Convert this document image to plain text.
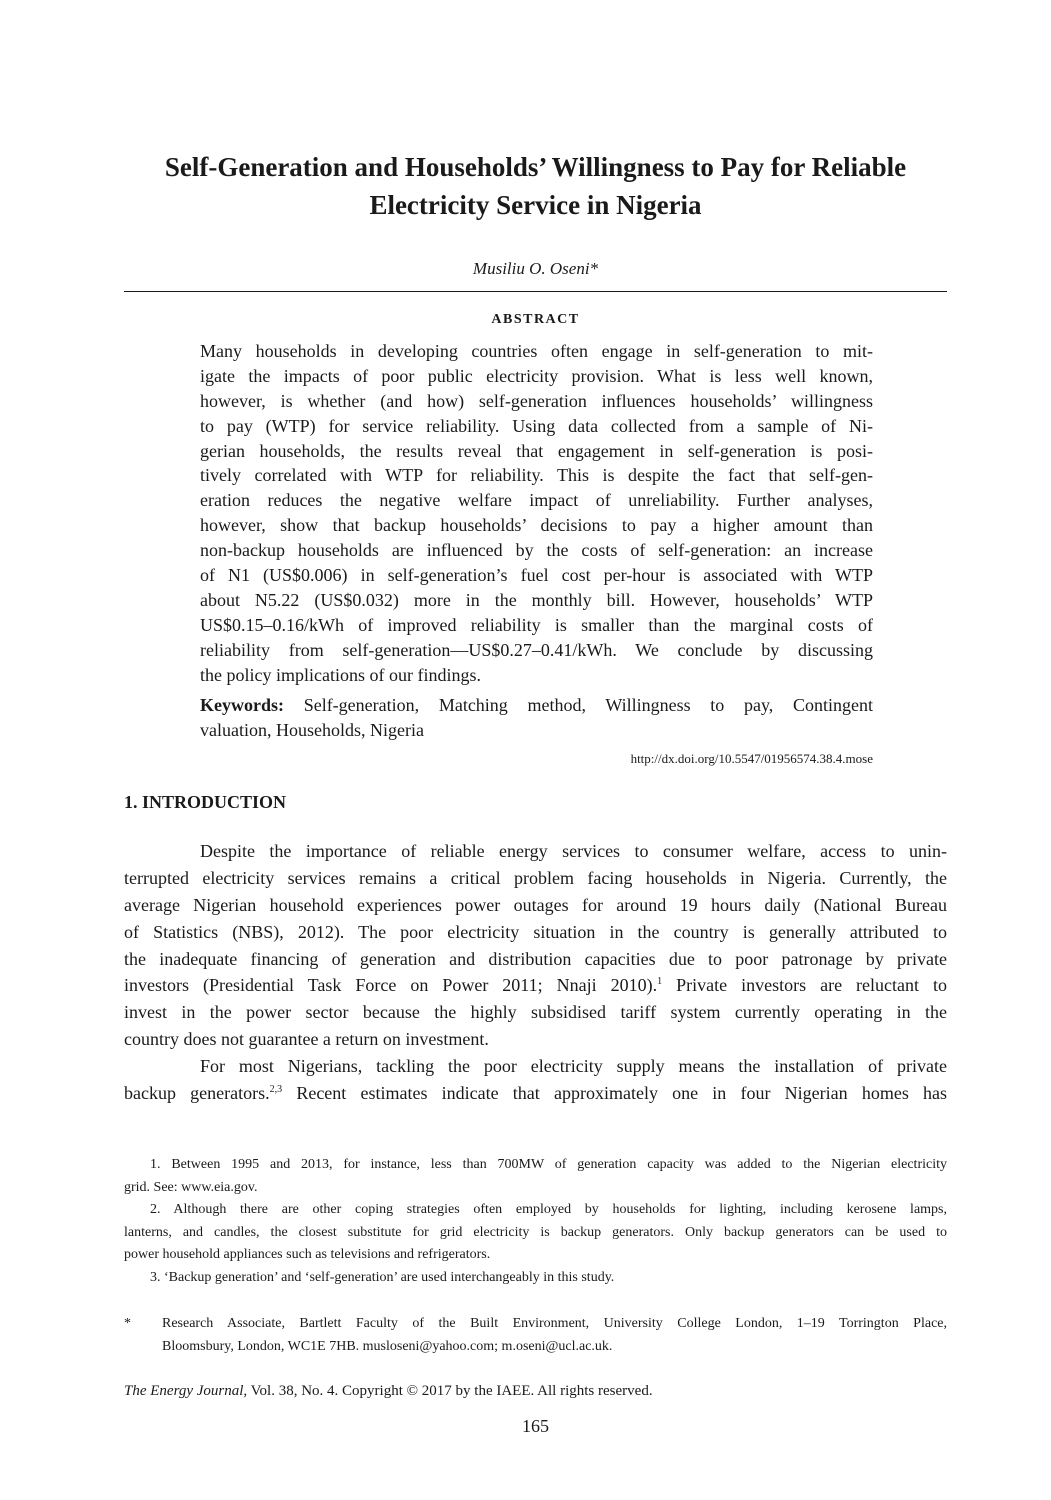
Self-Generation and Households’ Willingness to Pay for Reliable
Electricity Service in Nigeria

Musiliu O. Oseni*

ABSTRACT

Many households in developing countries often engage in self-generation to mit-
igate the impacts of poor public electricity provision. What is less well known,
however, is whether (and how) self-generation influences households’ willingness
to pay (WTP) for service reliability. Using data collected from a sample of Ni-
gerian households, the results reveal that engagement in self-generation is posi-
tively correlated with WTP for reliability. This is despite the fact that self-gen-
eration reduces the negative welfare impact of unreliability. Further analyses,
however, show that backup households’ decisions to pay a higher amount than
non-backup households are influenced by the costs of self-generation: an increase
of N1 (US$0.006) in self-generation’s fuel cost per-hour is associated with WTP
about N5.22 (US$0.032) more in the monthly bill. However, households’ WTP
US$0.15–0.16/kWh of improved reliability is smaller than the marginal costs of
reliability from self-generation—US$0.27–0.41/kWh. We conclude by discussing
the policy implications of our findings.
Keywords: Self-generation, Matching method, Willingness to pay, Contingent
valuation, Households, Nigeria

http://dx.doi.org/10.5547/01956574.38.4.mose

1. INTRODUCTION
Despite the importance of reliable energy services to consumer welfare, access to unin-
terrupted electricity services remains a critical problem facing households in Nigeria. Currently, the
average Nigerian household experiences power outages for around 19 hours daily (National Bureau
of Statistics (NBS), 2012). The poor electricity situation in the country is generally attributed to
the inadequate financing of generation and distribution capacities due to poor patronage by private
investors (Presidential Task Force on Power 2011; Nnaji 2010).$^1$ Private investors are reluctant to
invest in the power sector because the highly subsidised tariff system currently operating in the
country does not guarantee a return on investment.
For most Nigerians, tackling the poor electricity supply means the installation of private
backup generators.$^{2,3}$ Recent estimates indicate that approximately one in four Nigerian homes has
1. Between 1995 and 2013, for instance, less than 700MW of generation capacity was added to the Nigerian electricity
grid. See: www.eia.gov.
2. Although there are other coping strategies often employed by households for lighting, including kerosene lamps,
lanterns, and candles, the closest substitute for grid electricity is backup generators. Only backup generators can be used to
power household appliances such as televisions and refrigerators.
3. ‘Backup generation’ and ‘self-generation’ are used interchangeably in this study.
* Research Associate, Bartlett Faculty of the Built Environment, University College London, 1–19 Torrington Place,
Bloomsbury, London, WC1E 7HB. musloseni@yahoo.com; m.oseni@ucl.ac.uk.

The Energy Journal, Vol. 38, No. 4. Copyright © 2017 by the IAEE. All rights reserved.

165
